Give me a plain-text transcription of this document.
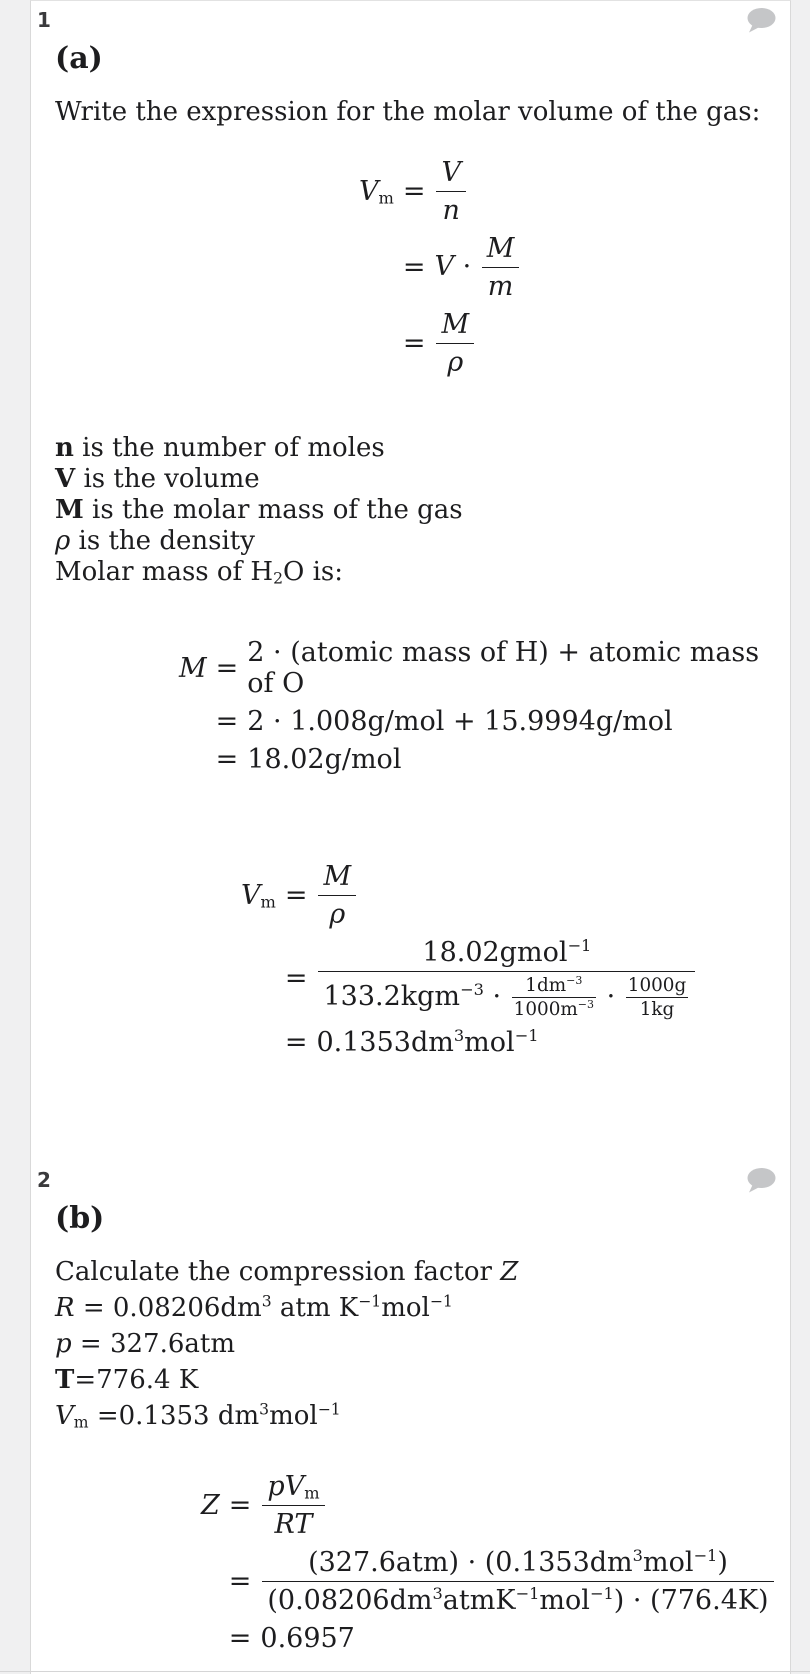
1
(a)

Write the expression for the molar volume of the gas:

$V_m$	=	$\frac{V}{n}$

	=	$V \cdot \frac{M}{m}$

	=	$\frac{M}{\rho}$

n is the number of moles

V is the volume

M is the molar mass of the gas

ρ is the density

Molar mass of $H_2O$ is:

M	=	2 · (atomic mass of H) + atomic mass of O
	=	2 · 1.008g/mol + 15.9994g/mol
	=	18.02g/mol
$V_m$	=	$\frac{M}{\rho}$

	=	$\frac{18.02gmol^{-1}}{133.2kgm^{-3} \cdot \frac{1dm^{-3}}{1000m^{-3}} \cdot \frac{1000g}{1kg}}$

	=	$0.1353dm^3mol^{-1}$
2
(b)

Calculate the compression factor Z

$R = 0.08206dm^3$ atm $K^{-1}mol^{-1}$

p = 327.6atm

T=776.4 K

$V_m =0.1353$ $dm^3mol^{-1}$

Z	=	$\frac{pV_m}{RT}$

	=	$\frac{(327.6atm) \cdot (0.1353dm^3mol^{-1})}{(0.08206dm^3atmK^{-1}mol^{-1}) \cdot (776.4K)}$

	=	0.6957
